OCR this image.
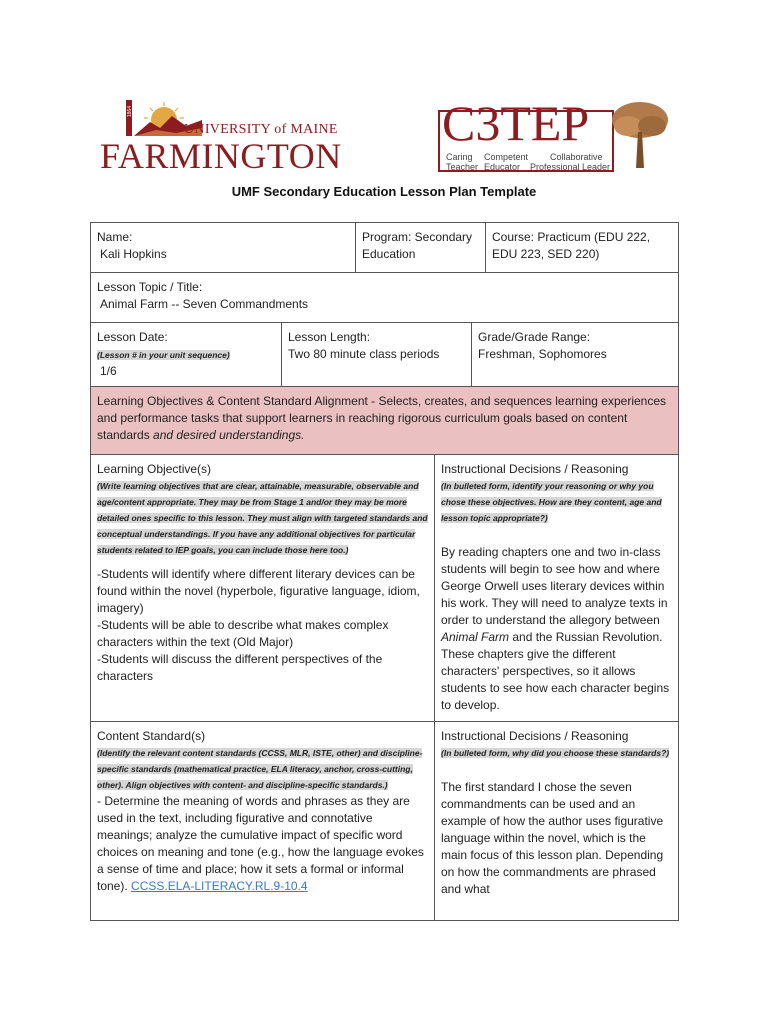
1864
UNIVERSITY of MAINE
FARMINGTON
C3TEP
Caring Competent Collaborative
Teacher Educator Professional Leader
UMF Secondary Education Lesson Plan Template

Name:

Kali Hopkins

Program: Secondary Education

Course: Practicum (EDU 222, EDU 223, SED 220)

Lesson Topic / Title:

Animal Farm -- Seven Commandments

Lesson Date:

(Lesson # in your unit sequence)

1/6

Lesson Length:

Two 80 minute class periods

Grade/Grade Range:

Freshman, Sophomores

Learning Objectives & Content Standard Alignment - Selects, creates, and sequences learning experiences and performance tasks that support learners in reaching rigorous curriculum goals based on content standards and desired understandings.

Learning Objective(s)

(Write learning objectives that are clear, attainable, measurable, observable and age/content appropriate. They may be from Stage 1 and/or they may be more detailed ones specific to this lesson. They must align with targeted standards and conceptual understandings. If you have any additional objectives for particular students related to IEP goals, you can include those here too.)

-Students will identify where different literary devices can be found within the novel (hyperbole, figurative language, idiom, imagery)

-Students will be able to describe what makes complex characters within the text (Old Major)

-Students will discuss the different perspectives of the characters

Instructional Decisions / Reasoning

(In bulleted form, identify your reasoning or why you chose these objectives. How are they content, age and lesson topic appropriate?)

By reading chapters one and two in-class students will begin to see how and where George Orwell uses literary devices within his work. They will need to analyze texts in order to understand the allegory between Animal Farm and the Russian Revolution. These chapters give the different characters' perspectives, so it allows students to see how each character begins to develop.

Content Standard(s)

(Identify the relevant content standards (CCSS, MLR, ISTE, other) and discipline-specific standards (mathematical practice, ELA literacy, anchor, cross-cutting, other). Align objectives with content- and discipline-specific standards.)

- Determine the meaning of words and phrases as they are used in the text, including figurative and connotative meanings; analyze the cumulative impact of specific word choices on meaning and tone (e.g., how the language evokes a sense of time and place; how it sets a formal or informal tone). CCSS.ELA-LITERACY.RL.9-10.4

Instructional Decisions / Reasoning

(In bulleted form, why did you choose these standards?)

The first standard I chose the seven commandments can be used and an example of how the author uses figurative language within the novel, which is the main focus of this lesson plan. Depending on how the commandments are phrased and what
